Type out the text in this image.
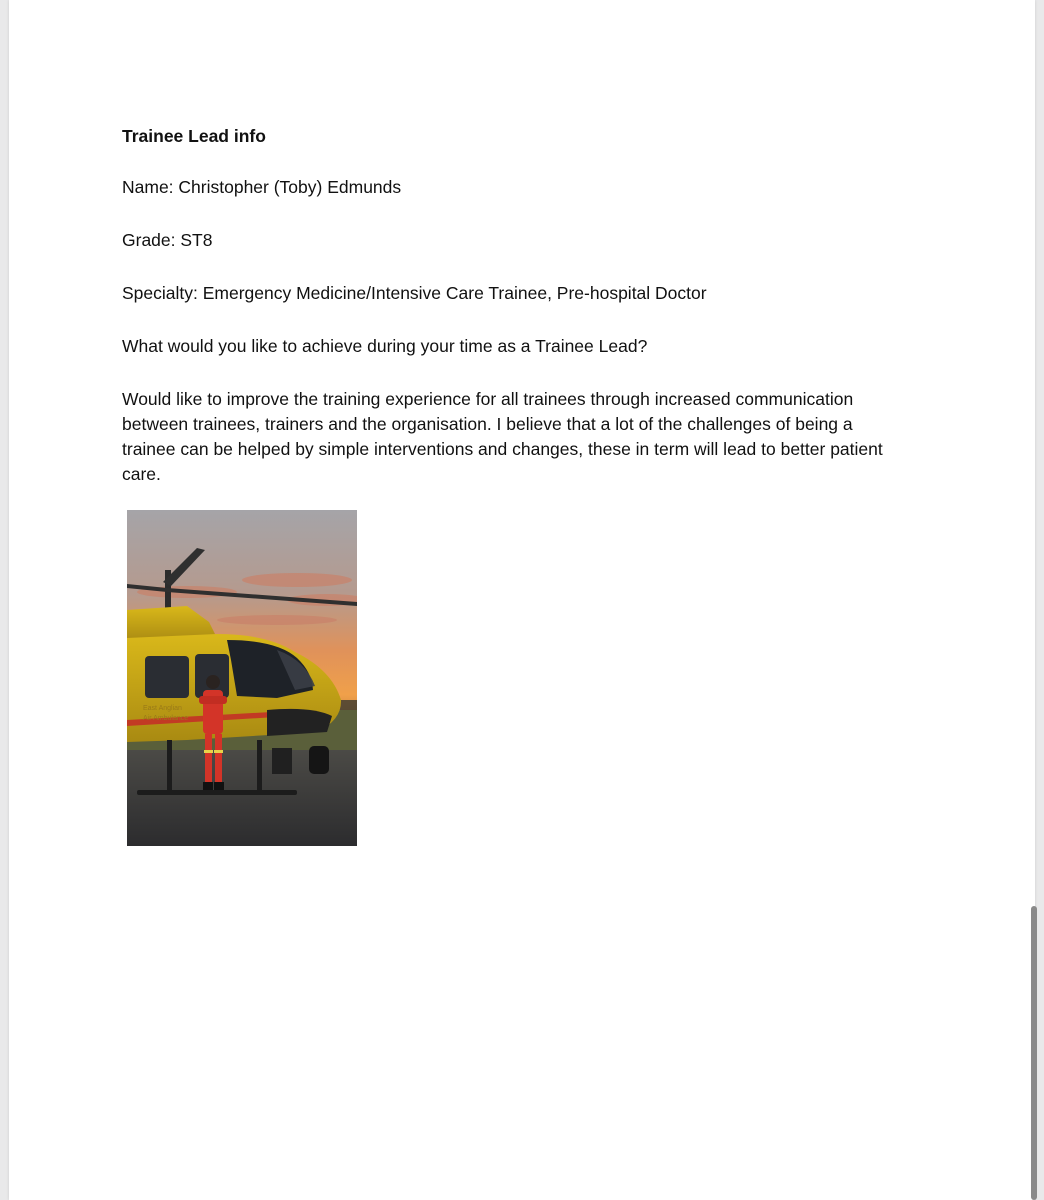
Trainee Lead info

Name: Christopher (Toby) Edmunds

Grade: ST8

Specialty: Emergency Medicine/Intensive Care Trainee, Pre-hospital Doctor

What would you like to achieve during your time as a Trainee Lead?

Would like to improve the training experience for all trainees through increased communication between trainees, trainers and the organisation. I believe that a lot of the challenges of being a trainee can be helped by simple interventions and changes, these in term will lead to better patient care.

East Anglian
Air Ambulance
